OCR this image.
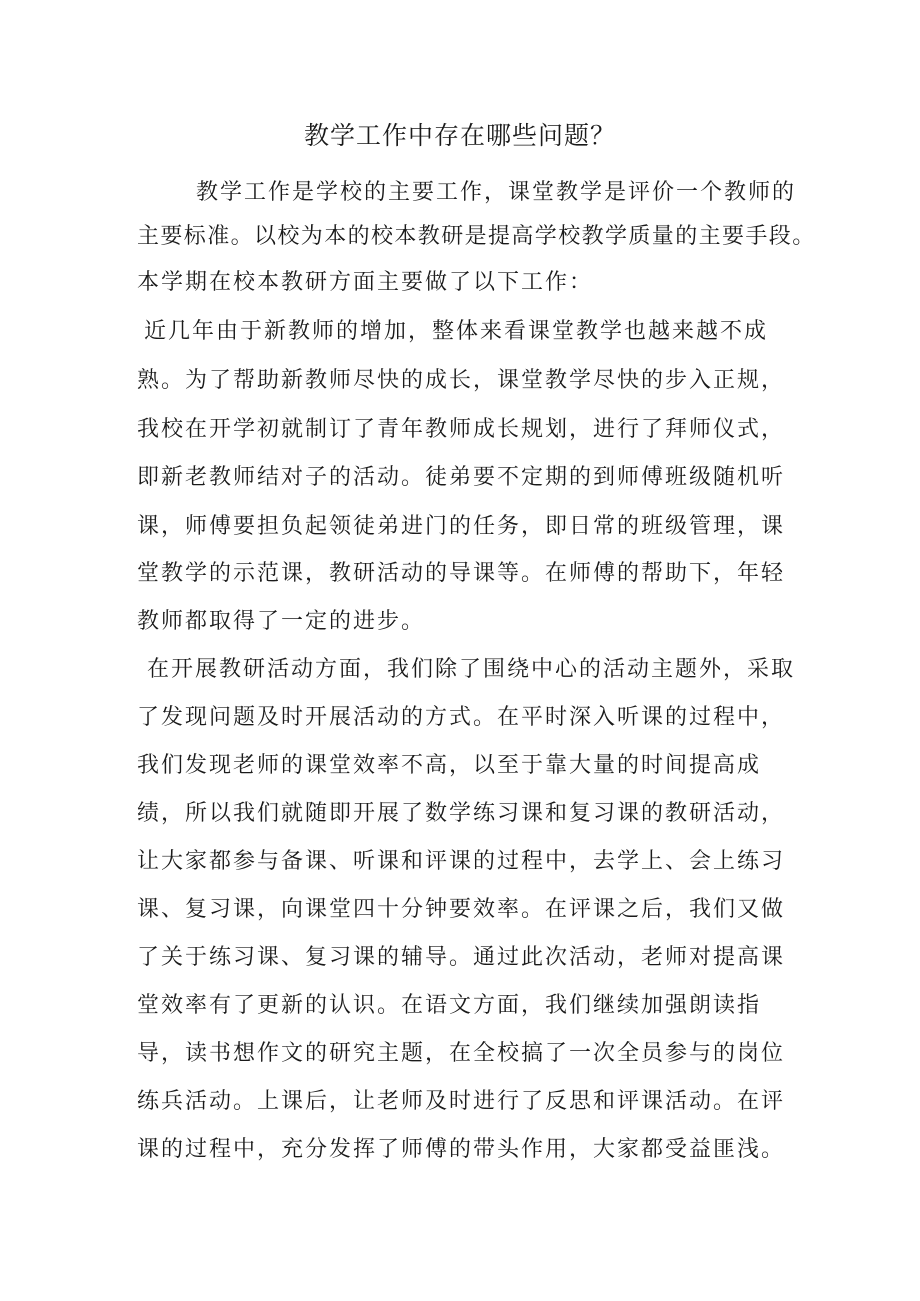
教学工作中存在哪些问题？
教学工作是学校的主要工作，课堂教学是评价一个教师的
主要标准。以校为本的校本教研是提高学校教学质量的主要手段。
本学期在校本教研方面主要做了以下工作：
近几年由于新教师的增加，整体来看课堂教学也越来越不成
熟。为了帮助新教师尽快的成长，课堂教学尽快的步入正规，
我校在开学初就制订了青年教师成长规划，进行了拜师仪式，
即新老教师结对子的活动。徒弟要不定期的到师傅班级随机听
课，师傅要担负起领徒弟进门的任务，即日常的班级管理，课
堂教学的示范课，教研活动的导课等。在师傅的帮助下，年轻
教师都取得了一定的进步。
在开展教研活动方面，我们除了围绕中心的活动主题外，采取
了发现问题及时开展活动的方式。在平时深入听课的过程中，
我们发现老师的课堂效率不高，以至于靠大量的时间提高成
绩，所以我们就随即开展了数学练习课和复习课的教研活动，
让大家都参与备课、听课和评课的过程中，去学上、会上练习
课、复习课，向课堂四十分钟要效率。在评课之后，我们又做
了关于练习课、复习课的辅导。通过此次活动，老师对提高课
堂效率有了更新的认识。在语文方面，我们继续加强朗读指
导，读书想作文的研究主题，在全校搞了一次全员参与的岗位
练兵活动。上课后，让老师及时进行了反思和评课活动。在评
课的过程中，充分发挥了师傅的带头作用，大家都受益匪浅。
